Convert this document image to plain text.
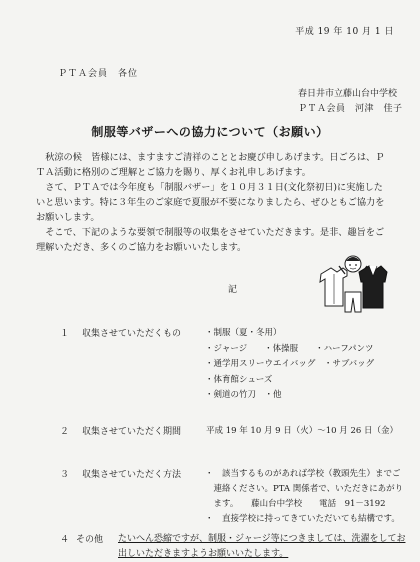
平成 19 年 10 月 1 日
ＰＴＡ会員　各位
春日井市立藤山台中学校
ＰＴＡ会員　河津　佳子
制服等バザーへの協力について（お願い）

秋涼の候　皆様には、ますますご清祥のこととお慶び申しあげます。日ごろは、ＰＴＡ活動に格別のご理解とご協力を賜り、厚くお礼申しあげます。

さて、ＰＴＡでは今年度も「制服バザー」を１０月３１日(文化祭初日)に実施したいと思います。特に３年生のご家庭で夏服が不要になりましたら、ぜひともご協力をお願いします。

そこで、下記のような要領で制服等の収集をさせていただきます。是非、趣旨をご理解いただき、多くのご協力をお願いいたします。

記
１ 収集させていただくもの	・制服（夏・冬用）
・ジャージ　　・体操服　　・ハーフパンツ
・通学用スリーウエイバッグ　・サブバッグ
・体育館シューズ
・剣道の竹刀　・他
２ 収集させていただく期間	平成 19 年 10 月 9 日（火）〜10 月 26 日（金）
３ 収集させていただく方法	・　該当するものがあれば学校（教頭先生）までご
　連絡ください。PTA 関係者で、いただきにあがり
　ます。　　藤山台中学校　　電話　91－3192
・　直接学校に持ってきていただいても結構です。
４ その他 たいへん恐縮ですが、制服・ジャージ等につきましては、洗濯をしてお
出しいただきますようお願いいたします。
